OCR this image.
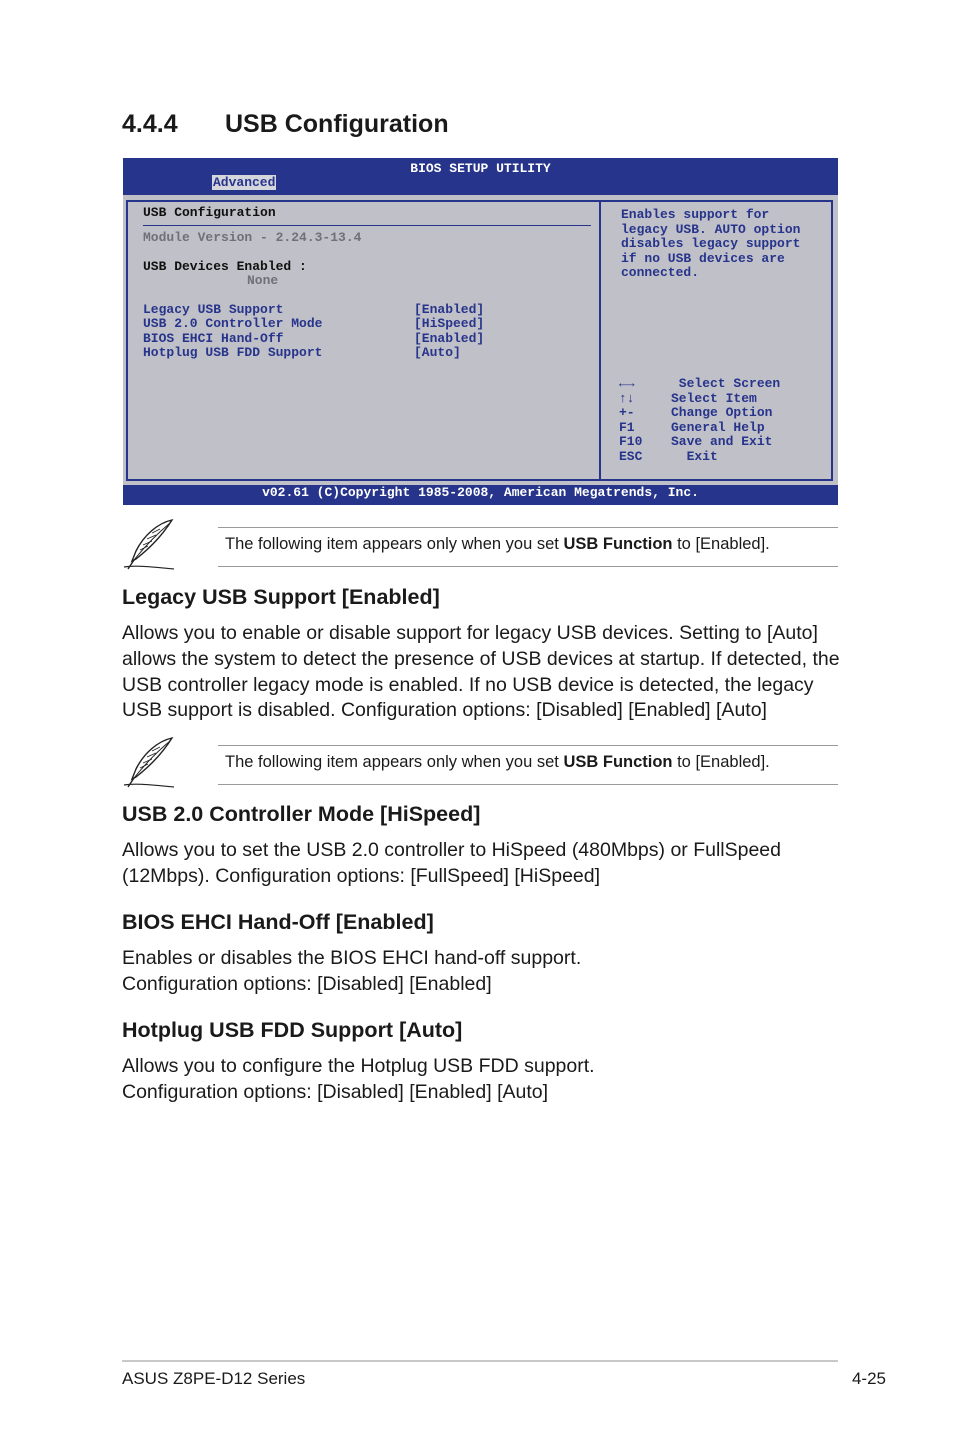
4.4.4 USB Configuration
BIOS SETUP UTILITY
Advanced
USB Configuration
Module Version - 2.24.3-13.4
USB Devices Enabled :
None
Legacy USB Support	[Enabled]
USB 2.0 Controller Mode	[HiSpeed]
BIOS EHCI Hand-Off	[Enabled]
Hotplug USB FDD Support	[Auto]
Enables support for legacy USB. AUTO option disables legacy support if no USB devices are connected.
←→	Select Screen
↑↓	Select Item
+-	Change Option
F1	General Help
F10	Save and Exit
ESC	Exit
v02.61 (C)Copyright 1985-2008, American Megatrends, Inc.
The following item appears only when you set USB Function to [Enabled].
Legacy USB Support [Enabled]

Allows you to enable or disable support for legacy USB devices. Setting to [Auto] allows the system to detect the presence of USB devices at startup. If detected, the USB controller legacy mode is enabled. If no USB device is detected, the legacy USB support is disabled. Configuration options: [Disabled] [Enabled] [Auto]

The following item appears only when you set USB Function to [Enabled].
USB 2.0 Controller Mode [HiSpeed]

Allows you to set the USB 2.0 controller to HiSpeed (480Mbps) or FullSpeed (12Mbps). Configuration options: [FullSpeed] [HiSpeed]

BIOS EHCI Hand-Off [Enabled]

Enables or disables the BIOS EHCI hand-off support.
Configuration options: [Disabled] [Enabled]

Hotplug USB FDD Support [Auto]

Allows you to configure the Hotplug USB FDD support.
Configuration options: [Disabled] [Enabled] [Auto]

ASUS Z8PE-D12 Series	4-25
